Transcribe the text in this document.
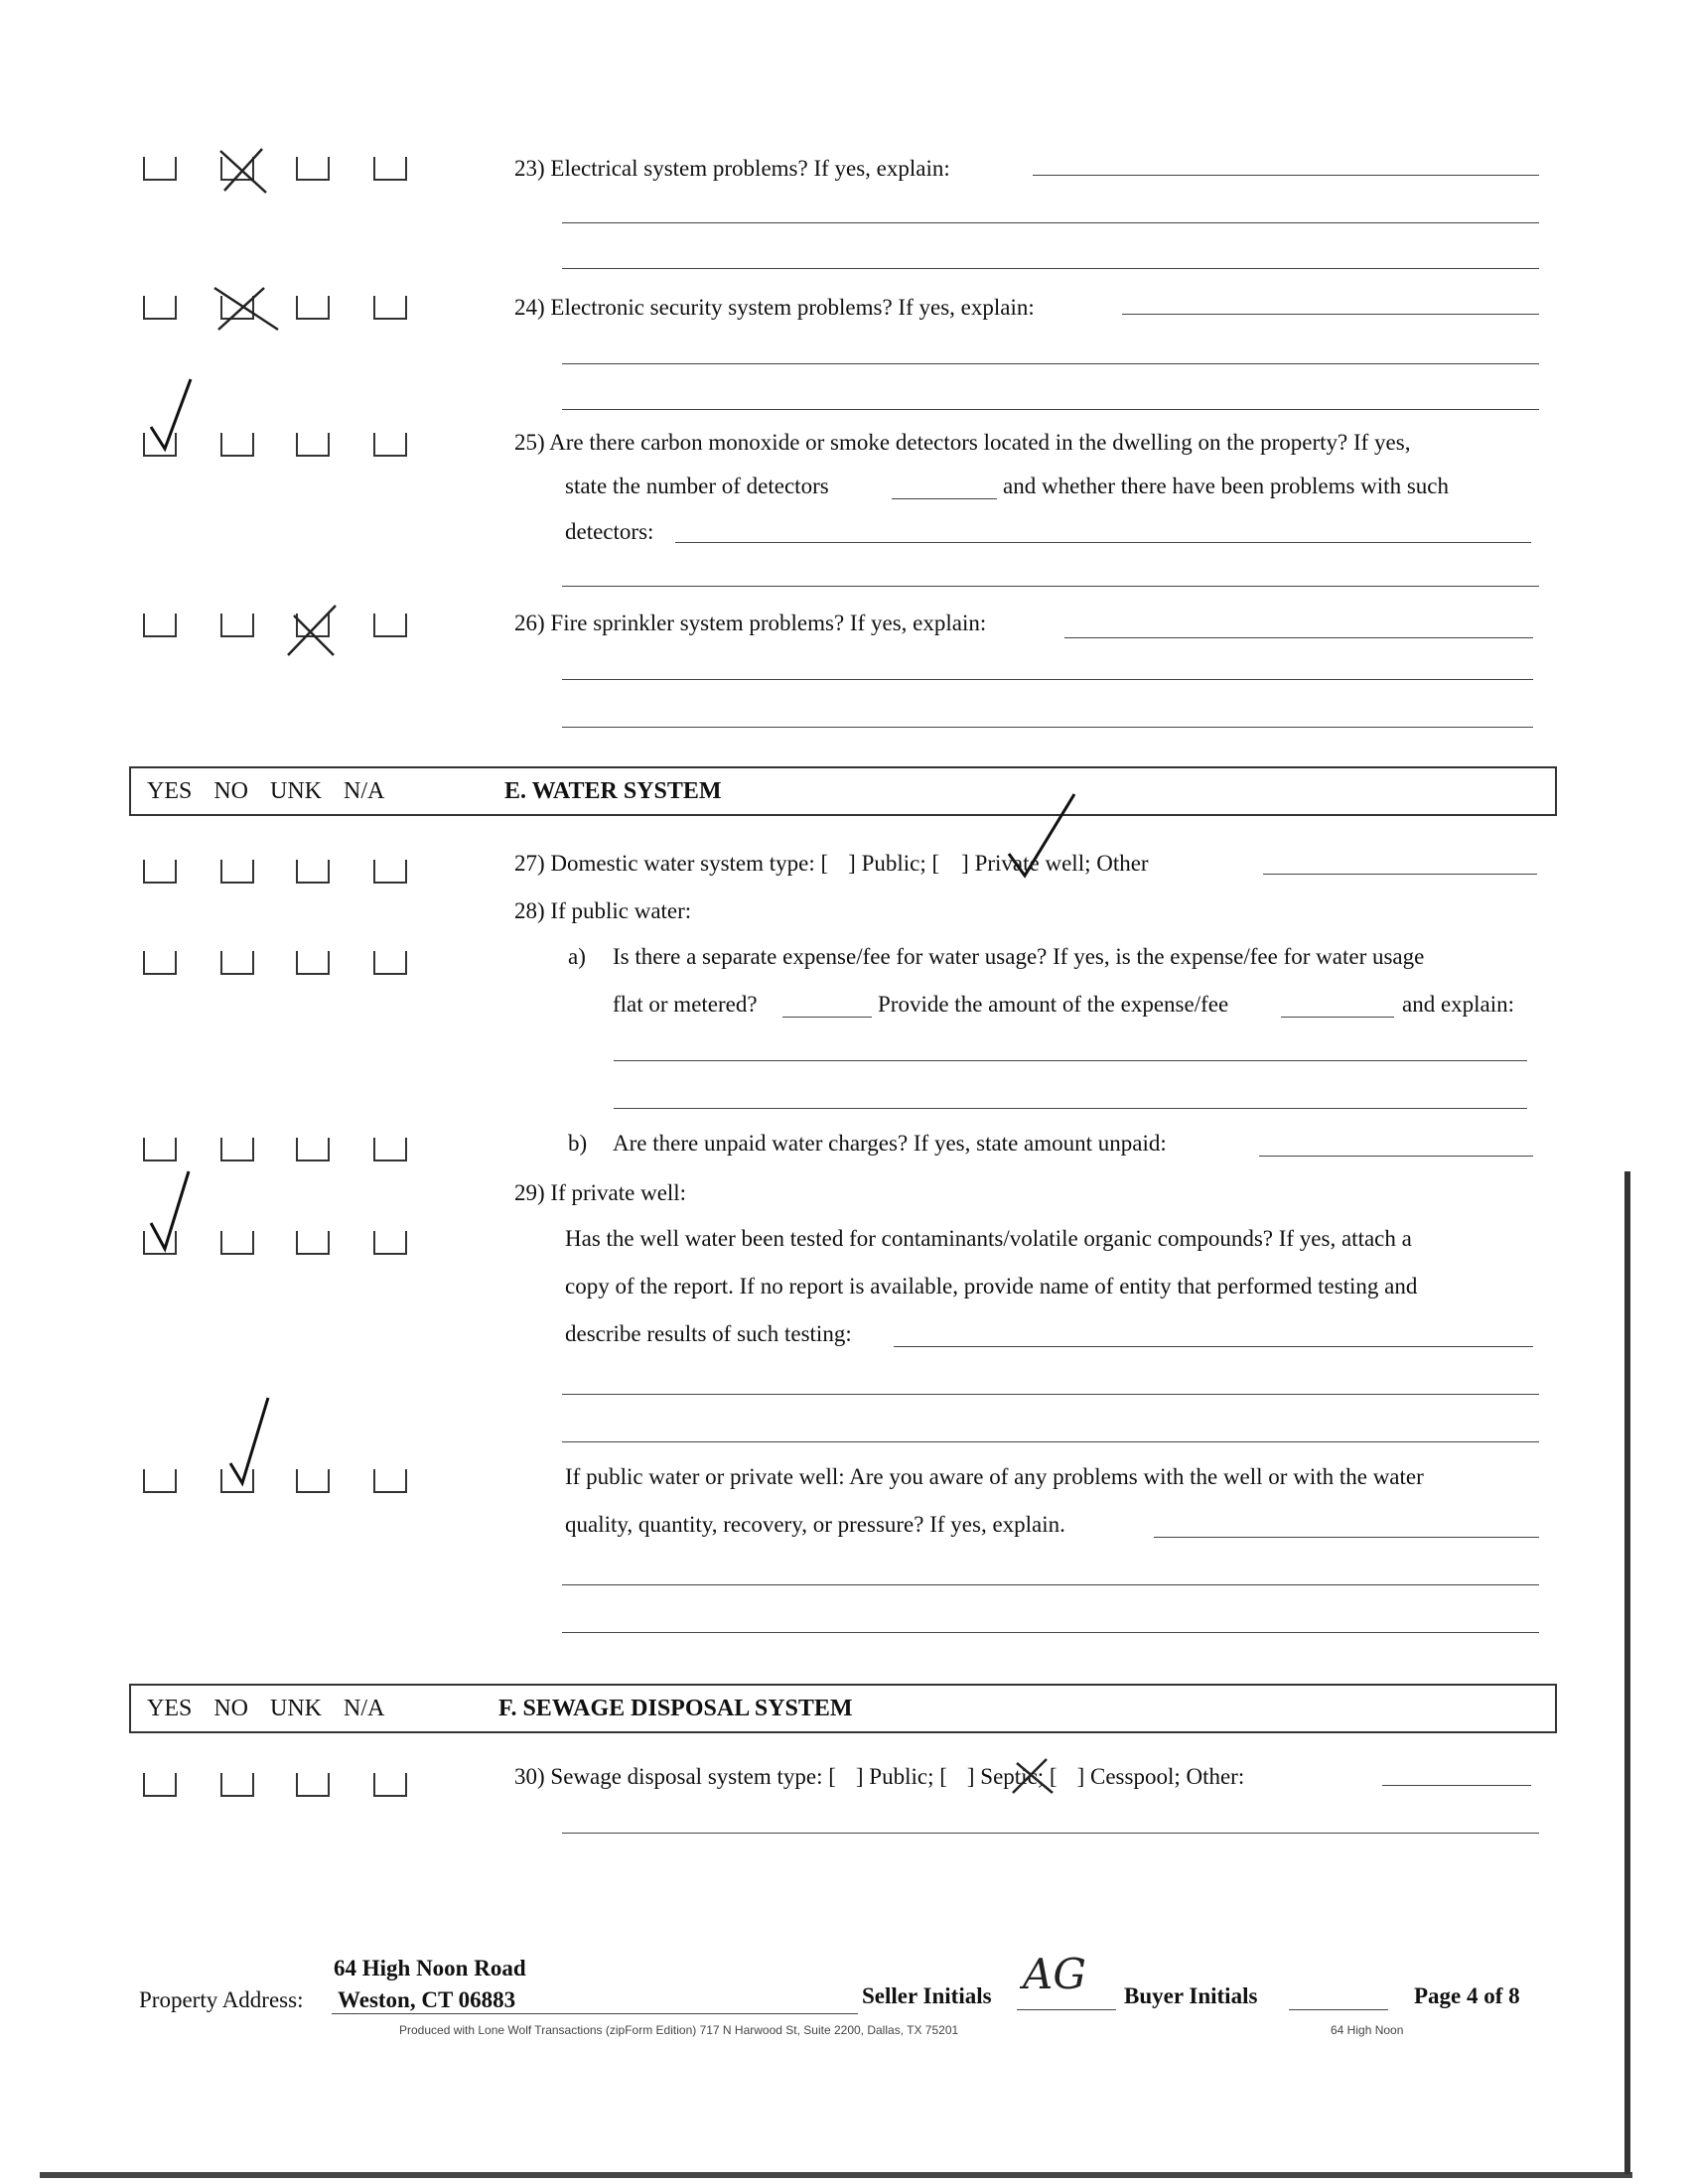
23) Electrical system problems? If yes, explain:
24) Electronic security system problems? If yes, explain:
25) Are there carbon monoxide or smoke detectors located in the dwelling on the property? If yes,
state the number of detectors	and whether there have been problems with such
detectors:
26) Fire sprinkler system problems? If yes, explain:
YES NO UNK N/A	E. WATER SYSTEM
27) Domestic water system type: [ ] Public; [ ] Private well; Other
28) If public water:
a) Is there a separate expense/fee for water usage? If yes, is the expense/fee for water usage
flat or metered?	Provide the amount of the expense/fee	and explain:
b) Are there unpaid water charges? If yes, state amount unpaid:
29) If private well:
Has the well water been tested for contaminants/volatile organic compounds? If yes, attach a
copy of the report. If no report is available, provide name of entity that performed testing and
describe results of such testing:
If public water or private well: Are you aware of any problems with the well or with the water
quality, quantity, recovery, or pressure? If yes, explain.
YES NO UNK N/A	F. SEWAGE DISPOSAL SYSTEM
30) Sewage disposal system type: [ ] Public; [ ] Septic; [ ] Cesspool; Other:
64 High Noon Road
Property Address: Weston, CT 06883	Seller Initials AG Buyer Initials	Page 4 of 8
Produced with Lone Wolf Transactions (zipForm Edition) 717 N Harwood St, Suite 2200, Dallas, TX 75201	64 High Noon
